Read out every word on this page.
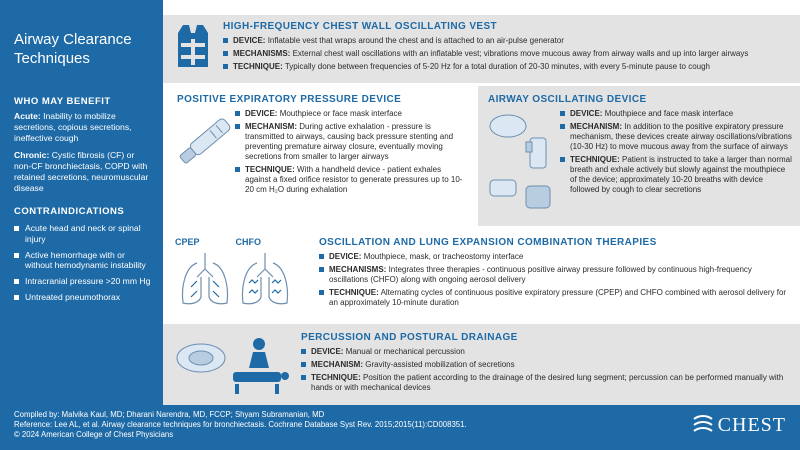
Airway Clearance Techniques
WHO MAY BENEFIT

Acute: Inability to mobilize secretions, copious secretions, ineffective cough

Chronic: Cystic fibrosis (CF) or non-CF bronchiectasis, COPD with retained secretions, neuromuscular disease

CONTRAINDICATIONS
Acute head and neck or spinal injury
Active hemorrhage with or without hemodynamic instability
Intracranial pressure >20 mm Hg
Untreated pneumothorax
HIGH-FREQUENCY CHEST WALL OSCILLATING VEST
DEVICE: Inflatable vest that wraps around the chest and is attached to an air-pulse generator
MECHANISMS: External chest wall oscillations with an inflatable vest; vibrations move mucous away from airway walls and up into larger airways
TECHNIQUE: Typically done between frequencies of 5-20 Hz for a total duration of 20-30 minutes, with every 5-minute pause to cough
POSITIVE EXPIRATORY PRESSURE DEVICE
DEVICE: Mouthpiece or face mask interface
MECHANISM: During active exhalation - pressure is transmitted to airways, causing back pressure stenting and preventing premature airway closure, eventually moving secretions from smaller to larger airways
TECHNIQUE: With a handheld device - patient exhales against a fixed orifice resistor to generate pressures up to 10-20 cm H₂O during exhalation
AIRWAY OSCILLATING DEVICE
DEVICE: Mouthpiece and face mask interface
MECHANISM: In addition to the positive expiratory pressure mechanism, these devices create airway oscillations/vibrations (10-30 Hz) to move mucous away from the surface of airways
TECHNIQUE: Patient is instructed to take a larger than normal breath and exhale actively but slowly against the mouthpiece of the device; approximately 10-20 breaths with device followed by cough to clear secretions
CPEP	CHFO	OSCILLATION AND LUNG EXPANSION COMBINATION THERAPIES
DEVICE: Mouthpiece, mask, or tracheostomy interface
MECHANISMS: Integrates three therapies - continuous positive airway pressure followed by continuous high-frequency oscillations (CHFO) along with ongoing aerosol delivery
TECHNIQUE: Alternating cycles of continuous positive expiratory pressure (CPEP) and CHFO combined with aerosol delivery for an approximately 10-minute duration
PERCUSSION AND POSTURAL DRAINAGE
DEVICE: Manual or mechanical percussion
MECHANISM: Gravity-assisted mobilization of secretions
TECHNIQUE: Position the patient according to the drainage of the desired lung segment; percussion can be performed manually with hands or with mechanical devices
Compiled by: Malvika Kaul, MD; Dharani Narendra, MD, FCCP; Shyam Subramanian, MD
Reference: Lee AL, et al. Airway clearance techniques for bronchiectasis. Cochrane Database Syst Rev. 2015;2015(11):CD008351.
© 2024 American College of Chest Physicians	CHEST
